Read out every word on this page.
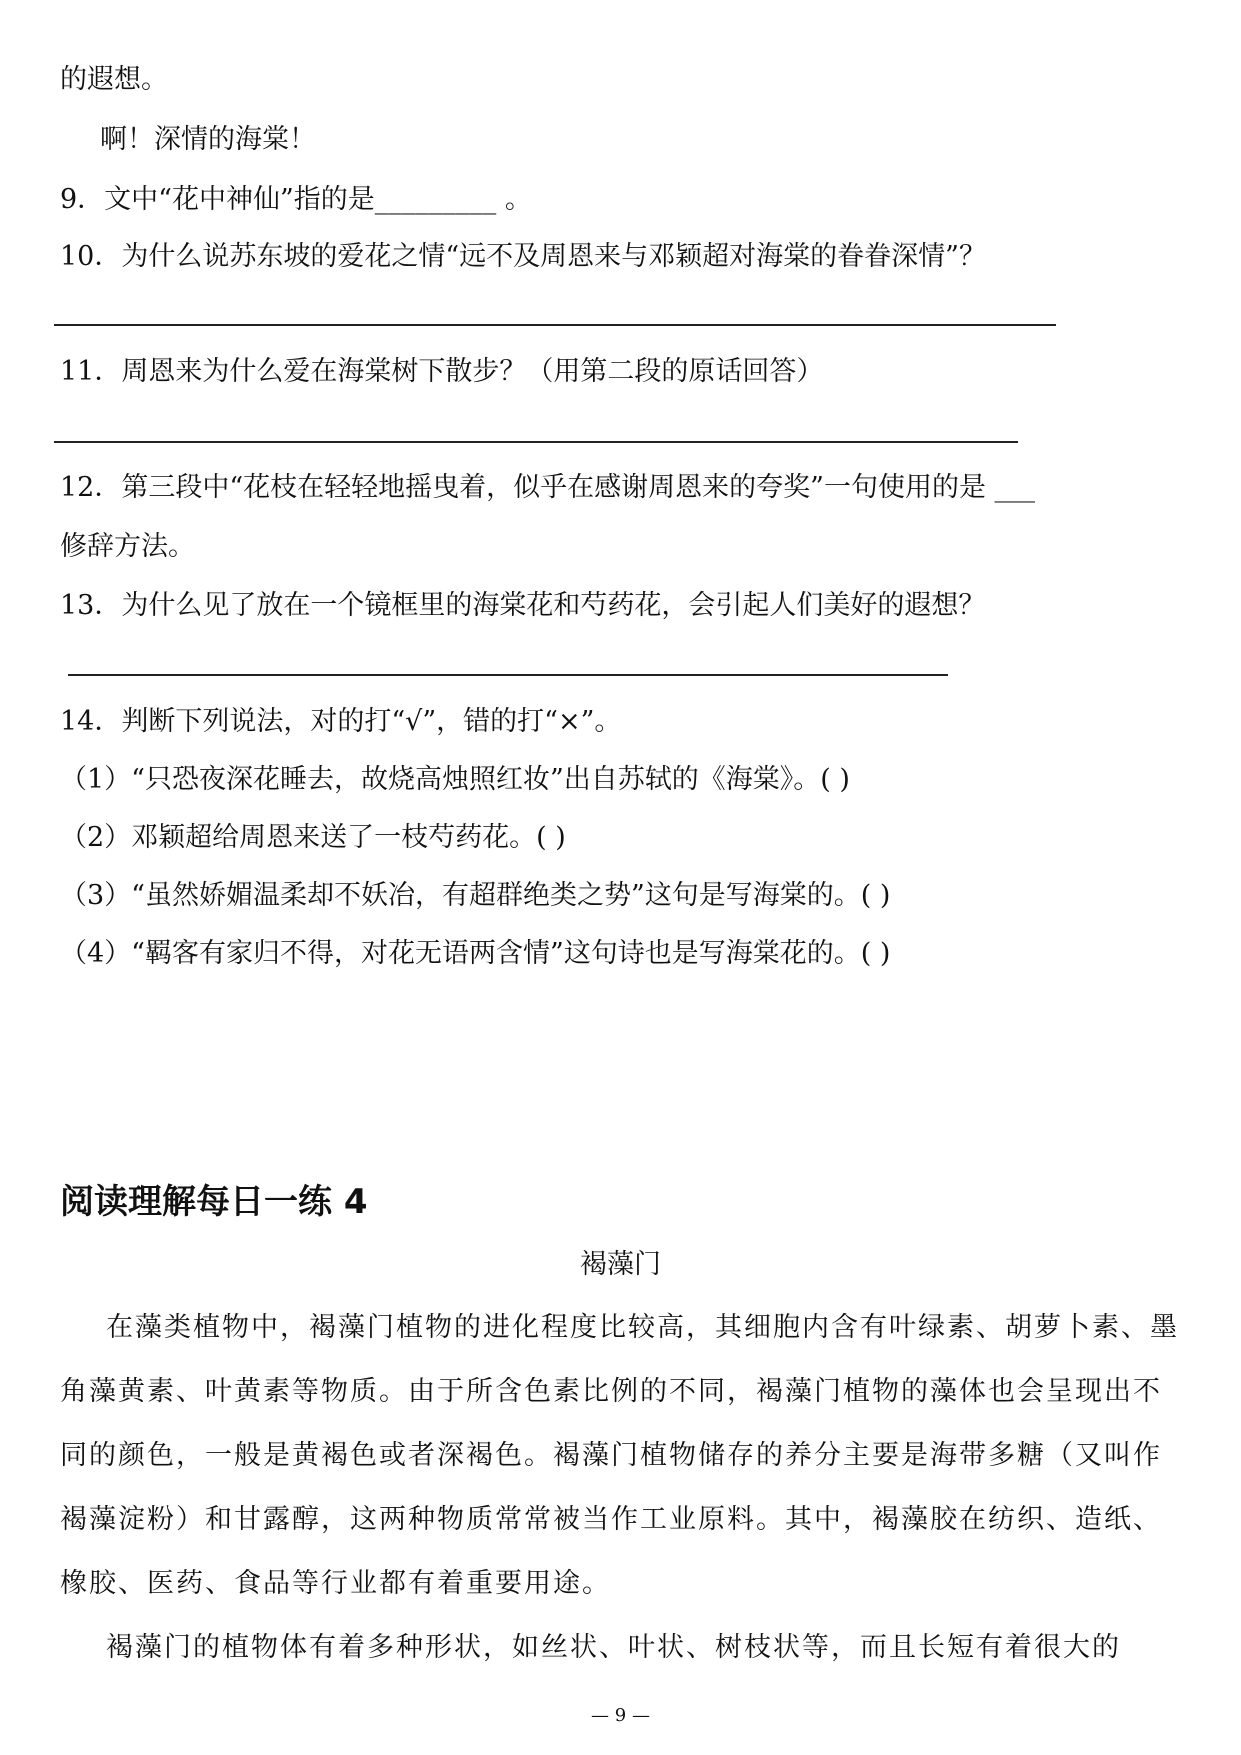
的遐想。
啊！深情的海棠！
9．文中“花中神仙”指的是_________ 。
10．为什么说苏东坡的爱花之情“远不及周恩来与邓颖超对海棠的眷眷深情”？
11．周恩来为什么爱在海棠树下散步？（用第二段的原话回答）
12．第三段中“花枝在轻轻地摇曳着，似乎在感谢周恩来的夸奖”一句使用的是 ___
修辞方法。
13．为什么见了放在一个镜框里的海棠花和芍药花，会引起人们美好的遐想？
14．判断下列说法，对的打“√”，错的打“×”。
（1）“只恐夜深花睡去，故烧高烛照红妆”出自苏轼的《海棠》。( )
（2）邓颖超给周恩来送了一枝芍药花。( )
（3）“虽然娇媚温柔却不妖冶，有超群绝类之势”这句是写海棠的。( )
（4）“羁客有家归不得，对花无语两含情”这句诗也是写海棠花的。( )
阅读理解每日一练 4
褐藻门
在藻类植物中，褐藻门植物的进化程度比较高，其细胞内含有叶绿素、胡萝卜素、墨角藻黄素、叶黄素等物质。由于所含色素比例的不同，褐藻门植物的藻体也会呈现出不同的颜色，一般是黄褐色或者深褐色。褐藻门植物储存的养分主要是海带多糖（又叫作褐藻淀粉）和甘露醇，这两种物质常常被当作工业原料。其中，褐藻胶在纺织、造纸、橡胶、医药、食品等行业都有着重要用途。
褐藻门的植物体有着多种形状，如丝状、叶状、树枝状等，而且长短有着很大的
— 9 —
